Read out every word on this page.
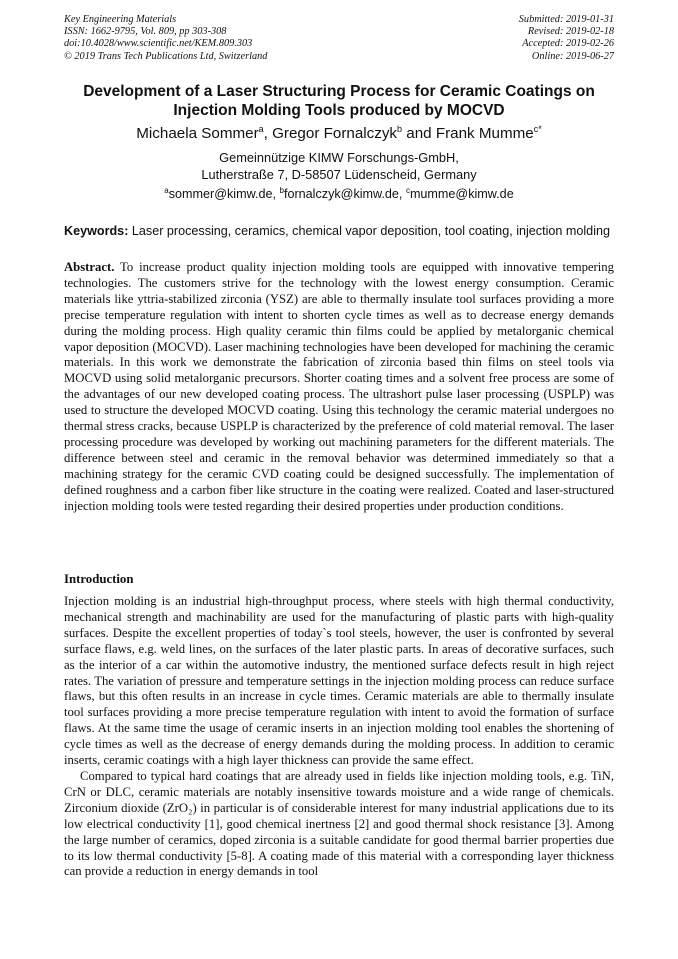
Key Engineering Materials
ISSN: 1662-9795, Vol. 809, pp 303-308
doi:10.4028/www.scientific.net/KEM.809.303
© 2019 Trans Tech Publications Ltd, Switzerland
Submitted: 2019-01-31
Revised: 2019-02-18
Accepted: 2019-02-26
Online: 2019-06-27
Development of a Laser Structuring Process for Ceramic Coatings on
Injection Molding Tools produced by MOCVD
Michaela Sommer$^a$, Gregor Fornalczyk$^b$ and Frank Mumme$^{c*}$
Gemeinnützige KIMW Forschungs-GmbH,
Lutherstraße 7, D-58507 Lüdenscheid, Germany
$^a$sommer@kimw.de, $^b$fornalczyk@kimw.de, $^c$mumme@kimw.de
Keywords: Laser processing, ceramics, chemical vapor deposition, tool coating, injection molding

Abstract. To increase product quality injection molding tools are equipped with innovative tempering technologies. The customers strive for the technology with the lowest energy consumption. Ceramic materials like yttria-stabilized zirconia (YSZ) are able to thermally insulate tool surfaces providing a more precise temperature regulation with intent to shorten cycle times as well as to decrease energy demands during the molding process. High quality ceramic thin films could be applied by metalorganic chemical vapor deposition (MOCVD). Laser machining technologies have been developed for machining the ceramic materials. In this work we demonstrate the fabrication of zirconia based thin films on steel tools via MOCVD using solid metalorganic precursors. Shorter coating times and a solvent free process are some of the advantages of our new developed coating process. The ultrashort pulse laser processing (USPLP) was used to structure the developed MOCVD coating. Using this technology the ceramic material undergoes no thermal stress cracks, because USPLP is characterized by the preference of cold material removal. The laser processing procedure was developed by working out machining parameters for the different materials. The difference between steel and ceramic in the removal behavior was determined immediately so that a machining strategy for the ceramic CVD coating could be designed successfully. The implementation of defined roughness and a carbon fiber like structure in the coating were realized. Coated and laser-structured injection molding tools were tested regarding their desired properties under production conditions.

Introduction

Injection molding is an industrial high-throughput process, where steels with high thermal conductivity, mechanical strength and machinability are used for the manufacturing of plastic parts with high-quality surfaces. Despite the excellent properties of today`s tool steels, however, the user is confronted by several surface flaws, e.g. weld lines, on the surfaces of the later plastic parts. In areas of decorative surfaces, such as the interior of a car within the automotive industry, the mentioned surface defects result in high reject rates. The variation of pressure and temperature settings in the injection molding process can reduce surface flaws, but this often results in an increase in cycle times. Ceramic materials are able to thermally insulate tool surfaces providing a more precise temperature regulation with intent to avoid the formation of surface flaws. At the same time the usage of ceramic inserts in an injection molding tool enables the shortening of cycle times as well as the decrease of energy demands during the molding process. In addition to ceramic inserts, ceramic coatings with a high layer thickness can provide the same effect.

Compared to typical hard coatings that are already used in fields like injection molding tools, e.g. TiN, CrN or DLC, ceramic materials are notably insensitive towards moisture and a wide range of chemicals. Zirconium dioxide (ZrO₂) in particular is of considerable interest for many industrial applications due to its low electrical conductivity [1], good chemical inertness [2] and good thermal shock resistance [3]. Among the large number of ceramics, doped zirconia is a suitable candidate for good thermal barrier properties due to its low thermal conductivity [5-8]. A coating made of this material with a corresponding layer thickness can provide a reduction in energy demands in tool
